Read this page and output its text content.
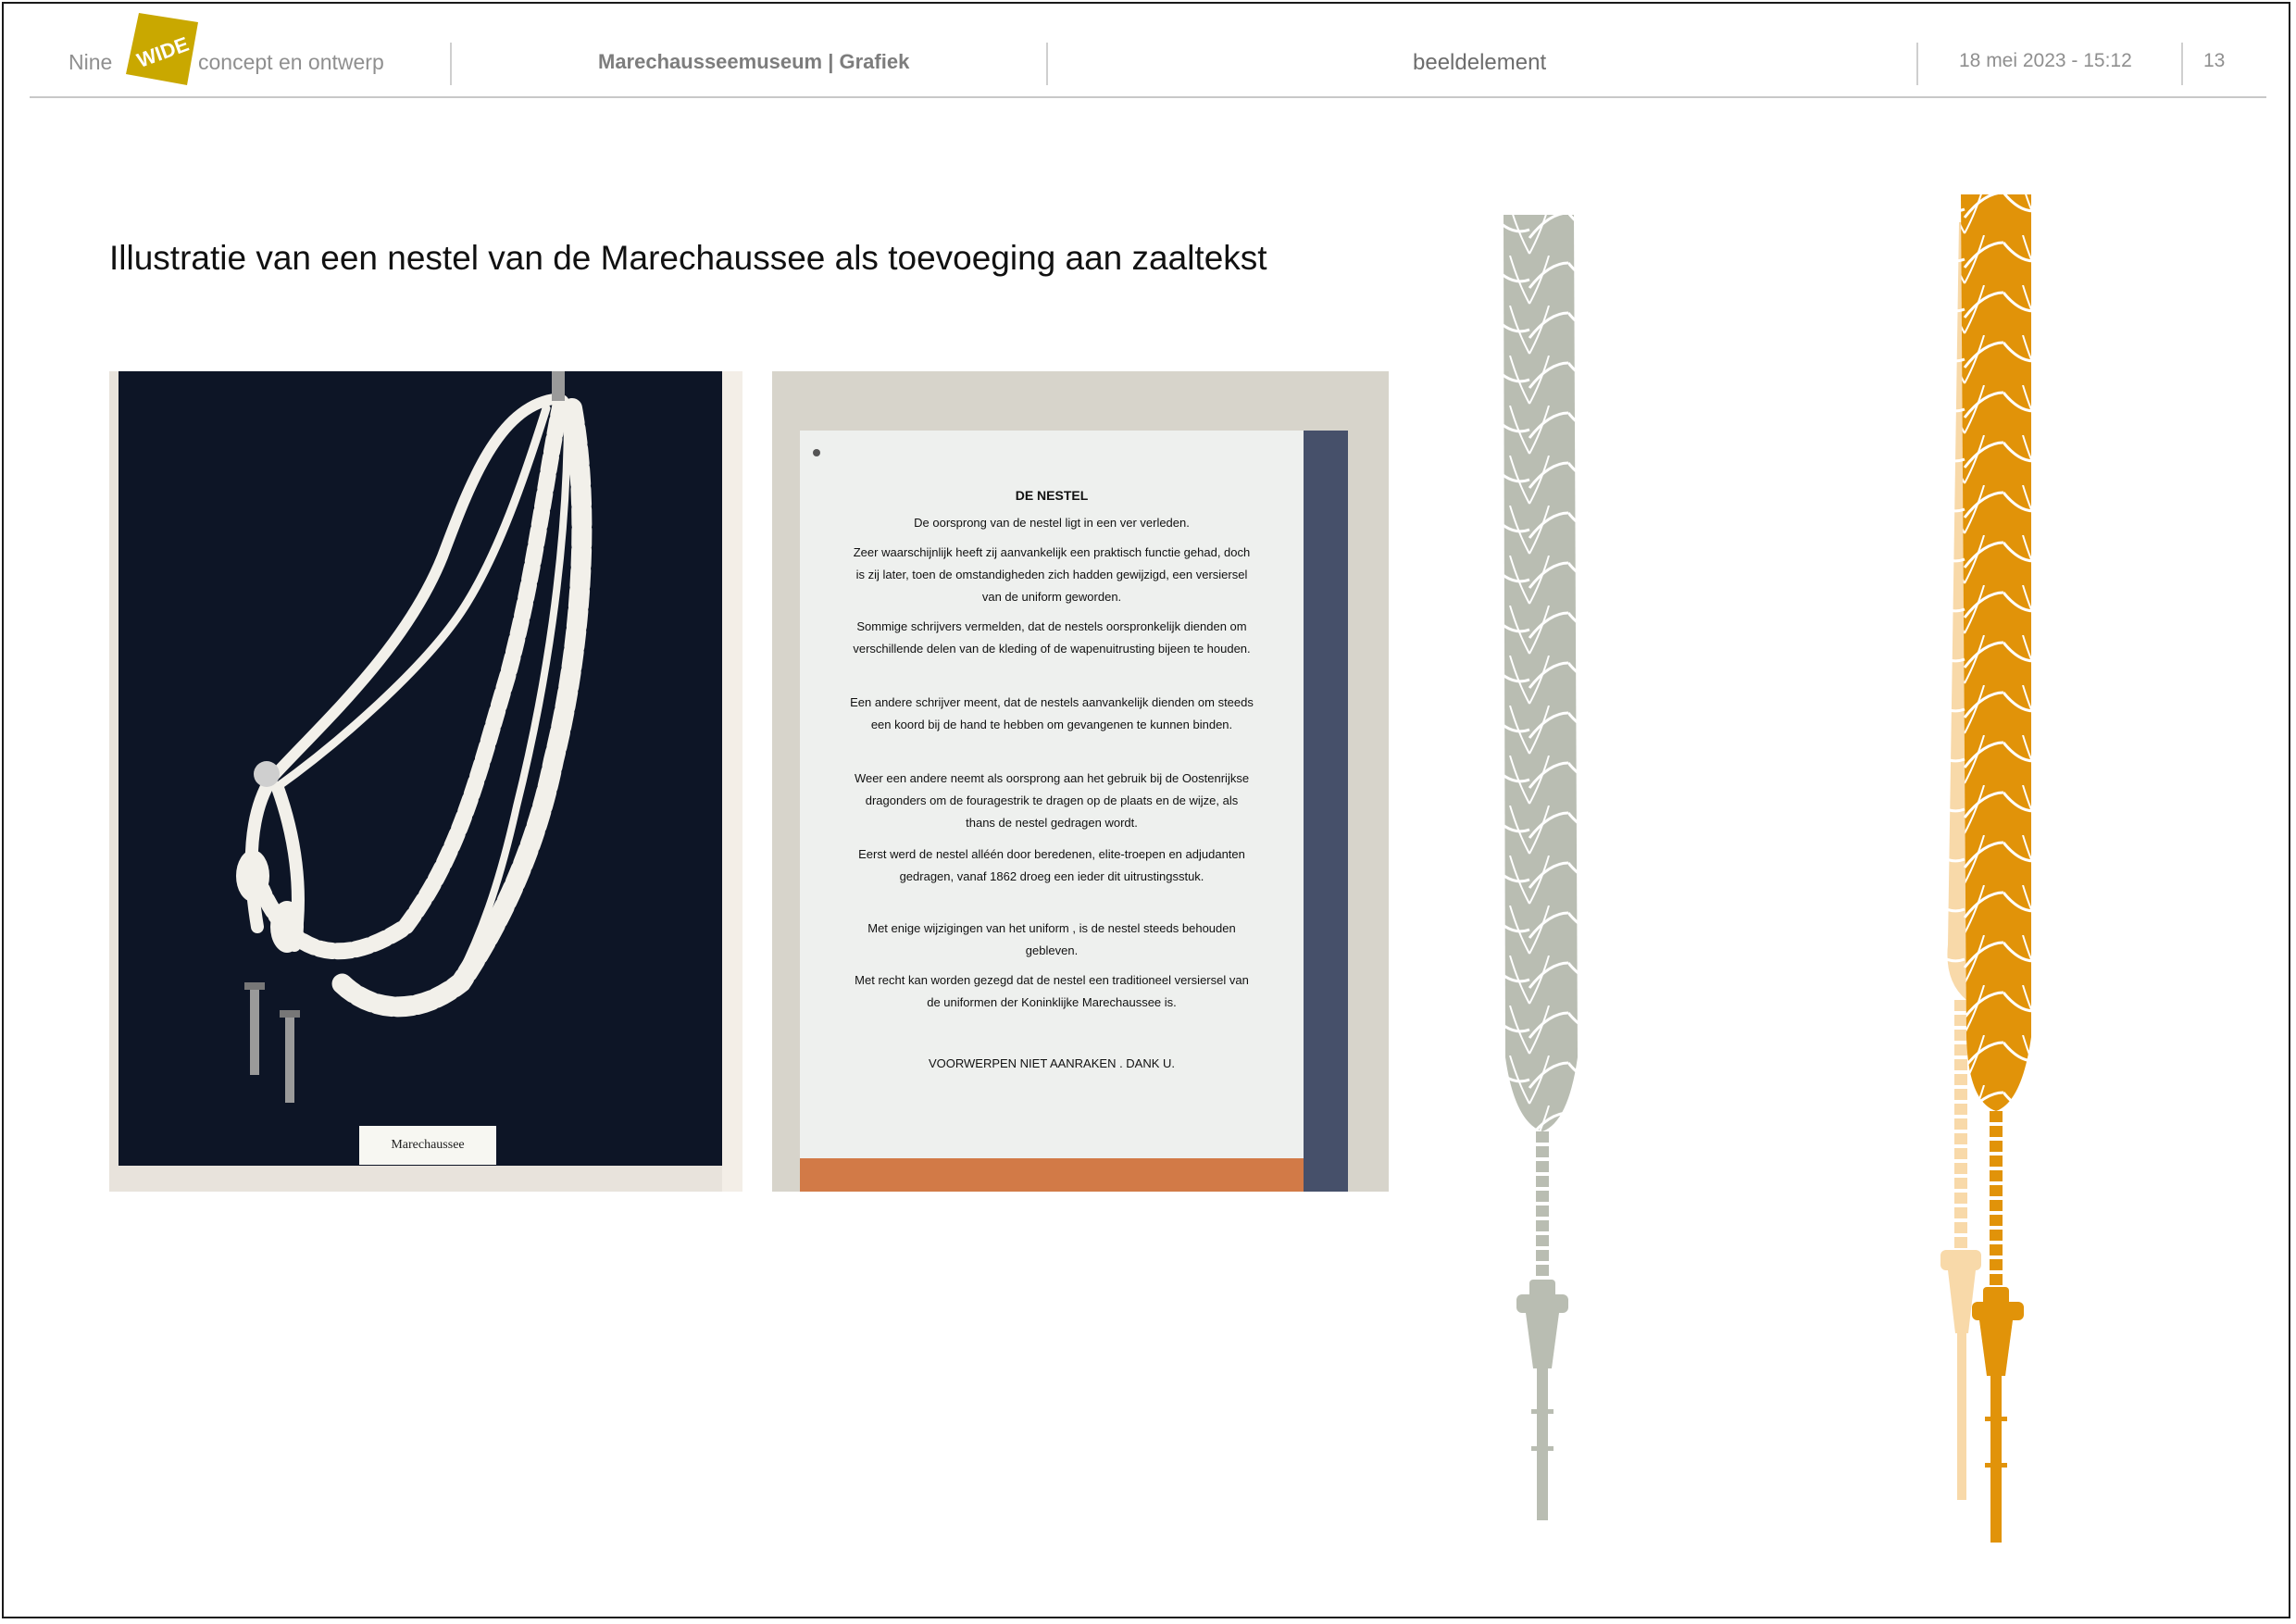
Nine WIDE concept en ontwerp	Marechausseemuseum | Grafiek	beeldelement	18 mei 2023 - 15:12	13
Illustratie van een nestel van de Marechaussee als toevoeging aan zaaltekst
Marechaussee
DE NESTEL
De oorsprong van de nestel ligt in een ver verleden.
Zeer waarschijnlijk heeft zij aanvankelijk een praktisch functie gehad, doch is zij later, toen de omstandigheden zich hadden gewijzigd, een versiersel van de uniform geworden.
Sommige schrijvers vermelden, dat de nestels oorspronkelijk dienden om verschillende delen van de kleding of de wapenuitrusting bijeen te houden.
Een andere schrijver meent, dat de nestels aanvankelijk dienden om steeds een koord bij de hand te hebben om gevangenen te kunnen binden.
Weer een andere neemt als oorsprong aan het gebruik bij de Oostenrijkse dragonders om de fouragestrik te dragen op de plaats en de wijze, als thans de nestel gedragen wordt.
Eerst werd de nestel alléén door beredenen, elite-troepen en adjudanten gedragen, vanaf 1862 droeg een ieder dit uitrustingsstuk.
Met enige wijzigingen van het uniform , is de nestel steeds behouden gebleven.
Met recht kan worden gezegd dat de nestel een traditioneel versiersel van de uniformen der Koninklijke Marechaussee is.
VOORWERPEN NIET AANRAKEN . DANK U.
